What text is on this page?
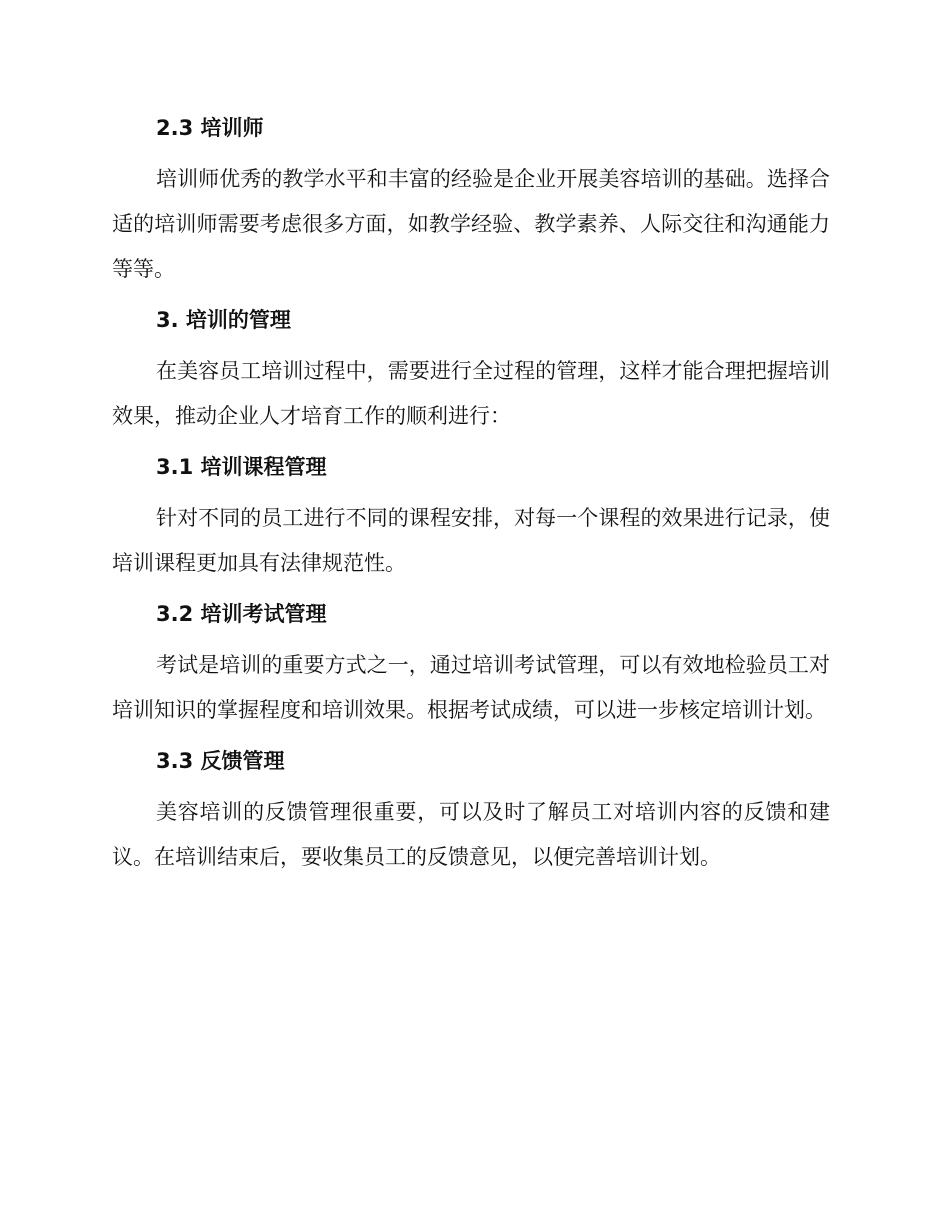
2.3 培训师

培训师优秀的教学水平和丰富的经验是企业开展美容培训的基础。选择合适的培训师需要考虑很多方面，如教学经验、教学素养、人际交往和沟通能力等等。

3. 培训的管理

在美容员工培训过程中，需要进行全过程的管理，这样才能合理把握培训效果，推动企业人才培育工作的顺利进行：

3.1 培训课程管理

针对不同的员工进行不同的课程安排，对每一个课程的效果进行记录，使培训课程更加具有法律规范性。

3.2 培训考试管理

考试是培训的重要方式之一，通过培训考试管理，可以有效地检验员工对培训知识的掌握程度和培训效果。根据考试成绩，可以进一步核定培训计划。

3.3 反馈管理

美容培训的反馈管理很重要，可以及时了解员工对培训内容的反馈和建议。在培训结束后，要收集员工的反馈意见，以便完善培训计划。
